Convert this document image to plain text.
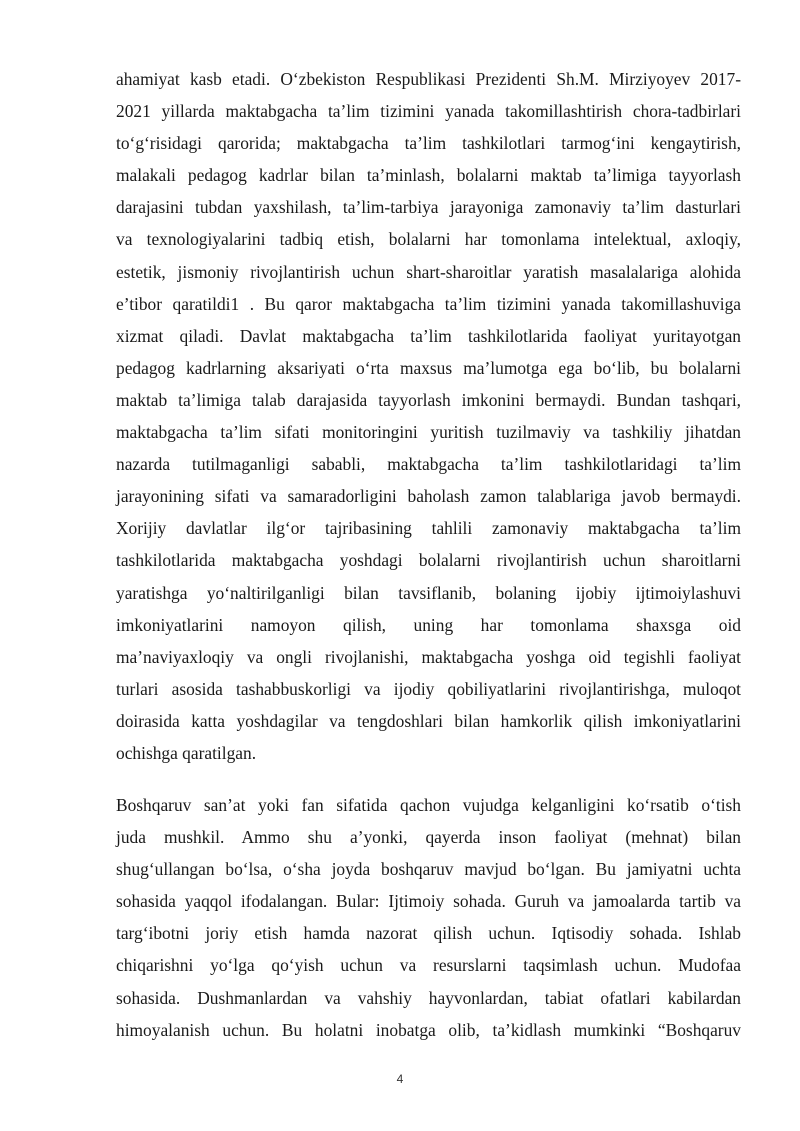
ahamiyat kasb etadi. O‘zbekiston Respublikasi Prezidenti Sh.M. Mirziyoyev 2017-
2021 yillarda maktabgacha ta’lim tizimini yanada takomillashtirish chora-tadbirlari
to‘g‘risidagi qarorida; maktabgacha ta’lim tashkilotlari tarmog‘ini kengaytirish,
malakali pedagog kadrlar bilan ta’minlash, bolalarni maktab ta’limiga tayyorlash
darajasini tubdan yaxshilash, ta’lim-tarbiya jarayoniga zamonaviy ta’lim dasturlari
va texnologiyalarini tadbiq etish, bolalarni har tomonlama intelektual, axloqiy,
estetik, jismoniy rivojlantirish uchun shart-sharoitlar yaratish masalalariga alohida
e’tibor qaratildi1 . Bu qaror maktabgacha ta’lim tizimini yanada takomillashuviga
xizmat qiladi. Davlat maktabgacha ta’lim tashkilotlarida faoliyat yuritayotgan
pedagog kadrlarning aksariyati o‘rta maxsus ma’lumotga ega bo‘lib, bu bolalarni
maktab ta’limiga talab darajasida tayyorlash imkonini bermaydi. Bundan tashqari,
maktabgacha ta’lim sifati monitoringini yuritish tuzilmaviy va tashkiliy jihatdan
nazarda tutilmaganligi sababli, maktabgacha ta’lim tashkilotlaridagi ta’lim
jarayonining sifati va samaradorligini baholash zamon talablariga javob bermaydi.
Xorijiy davlatlar ilg‘or tajribasining tahlili zamonaviy maktabgacha ta’lim
tashkilotlarida maktabgacha yoshdagi bolalarni rivojlantirish uchun sharoitlarni
yaratishga yo‘naltirilganligi bilan tavsiflanib, bolaning ijobiy ijtimoiylashuvi
imkoniyatlarini namoyon qilish, uning har tomonlama shaxsga oid
ma’naviyaxloqiy va ongli rivojlanishi, maktabgacha yoshga oid tegishli faoliyat
turlari asosida tashabbuskorligi va ijodiy qobiliyatlarini rivojlantirishga, muloqot
doirasida katta yoshdagilar va tengdoshlari bilan hamkorlik qilish imkoniyatlarini
ochishga qaratilgan.
Boshqaruv san’at yoki fan sifatida qachon vujudga kelganligini ko‘rsatib o‘tish
juda mushkil. Ammo shu a’yonki, qayerda inson faoliyat (mehnat) bilan
shug‘ullangan bo‘lsa, o‘sha joyda boshqaruv mavjud bo‘lgan. Bu jamiyatni uchta
sohasida yaqqol ifodalangan. Bular: Ijtimoiy sohada. Guruh va jamoalarda tartib va
targ‘ibotni joriy etish hamda nazorat qilish uchun. Iqtisodiy sohada. Ishlab
chiqarishni yo‘lga qo‘yish uchun va resurslarni taqsimlash uchun. Mudofaa
sohasida. Dushmanlardan va vahshiy hayvonlardan, tabiat ofatlari kabilardan
himoyalanish uchun. Bu holatni inobatga olib, ta’kidlash mumkinki “Boshqaruv
4
